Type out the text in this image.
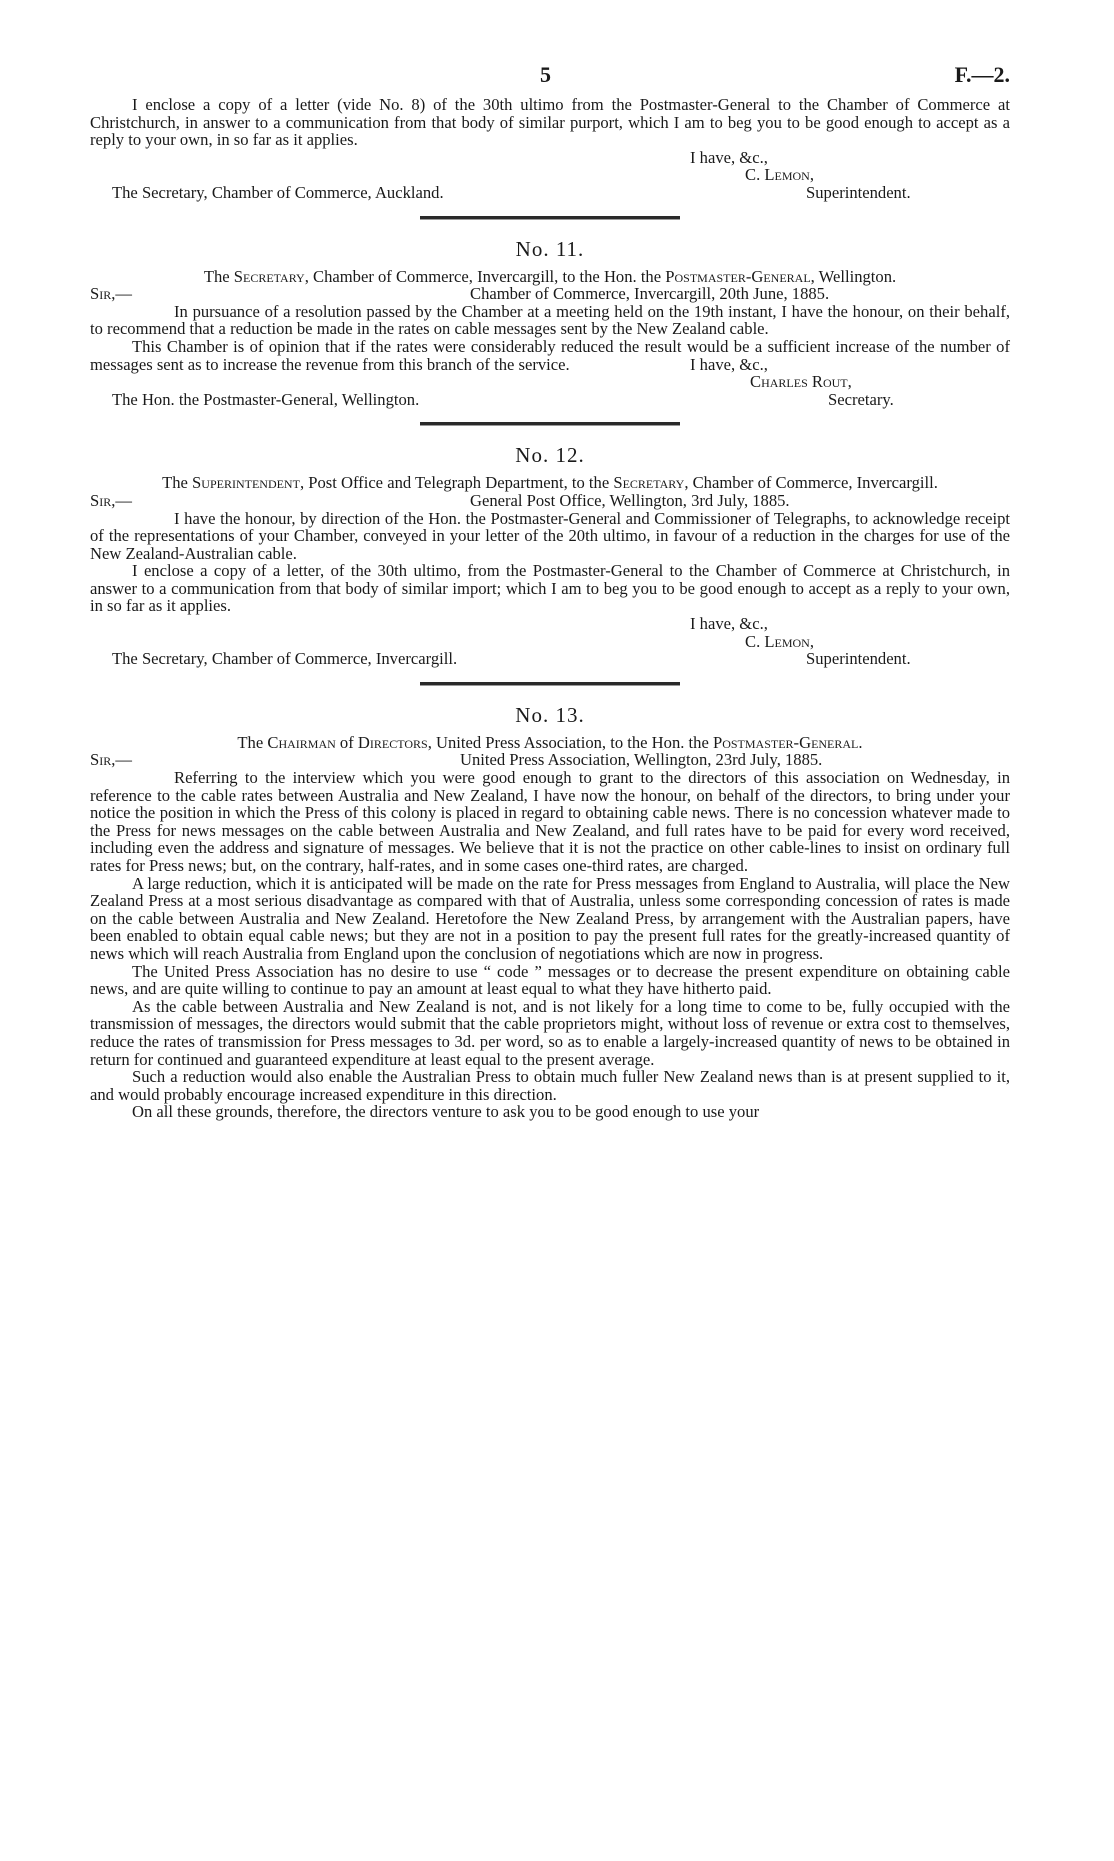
5	F.—2.

I enclose a copy of a letter (vide No. 8) of the 30th ultimo from the Postmaster-General to the Chamber of Commerce at Christchurch, in answer to a communication from that body of similar purport, which I am to beg you to be good enough to accept as a reply to your own, in so far as it applies.

I have, &c.,
C. Lemon,
The Secretary, Chamber of Commerce, Auckland.	Superintendent.
No. 11.
The Secretary, Chamber of Commerce, Invercargill, to the Hon. the Postmaster-General, Wellington.
Sir,—	Chamber of Commerce, Invercargill, 20th June, 1885.

In pursuance of a resolution passed by the Chamber at a meeting held on the 19th instant, I have the honour, on their behalf, to recommend that a reduction be made in the rates on cable messages sent by the New Zealand cable.

This Chamber is of opinion that if the rates were considerably reduced the result would be a sufficient increase of the number of messages sent as to increase the revenue from this branch of the service.	I have, &c.,
Charles Rout,
The Hon. the Postmaster-General, Wellington.	Secretary.
No. 12.
The Superintendent, Post Office and Telegraph Department, to the Secretary, Chamber of Commerce, Invercargill.
Sir,—	General Post Office, Wellington, 3rd July, 1885.

I have the honour, by direction of the Hon. the Postmaster-General and Commissioner of Telegraphs, to acknowledge receipt of the representations of your Chamber, conveyed in your letter of the 20th ultimo, in favour of a reduction in the charges for use of the New Zealand-Australian cable.

I enclose a copy of a letter, of the 30th ultimo, from the Postmaster-General to the Chamber of Commerce at Christchurch, in answer to a communication from that body of similar import; which I am to beg you to be good enough to accept as a reply to your own, in so far as it applies.

I have, &c.,
C. Lemon,
The Secretary, Chamber of Commerce, Invercargill.	Superintendent.
No. 13.
The Chairman of Directors, United Press Association, to the Hon. the Postmaster-General.
Sir,—	United Press Association, Wellington, 23rd July, 1885.

Referring to the interview which you were good enough to grant to the directors of this association on Wednesday, in reference to the cable rates between Australia and New Zealand, I have now the honour, on behalf of the directors, to bring under your notice the position in which the Press of this colony is placed in regard to obtaining cable news. There is no concession whatever made to the Press for news messages on the cable between Australia and New Zealand, and full rates have to be paid for every word received, including even the address and signature of messages. We believe that it is not the practice on other cable-lines to insist on ordinary full rates for Press news; but, on the contrary, half-rates, and in some cases one-third rates, are charged.

A large reduction, which it is anticipated will be made on the rate for Press messages from England to Australia, will place the New Zealand Press at a most serious disadvantage as compared with that of Australia, unless some corresponding concession of rates is made on the cable between Australia and New Zealand. Heretofore the New Zealand Press, by arrangement with the Australian papers, have been enabled to obtain equal cable news; but they are not in a position to pay the present full rates for the greatly-increased quantity of news which will reach Australia from England upon the conclusion of negotiations which are now in progress.

The United Press Association has no desire to use “ code ” messages or to decrease the present expenditure on obtaining cable news, and are quite willing to continue to pay an amount at least equal to what they have hitherto paid.

As the cable between Australia and New Zealand is not, and is not likely for a long time to come to be, fully occupied with the transmission of messages, the directors would submit that the cable proprietors might, without loss of revenue or extra cost to themselves, reduce the rates of transmission for Press messages to 3d. per word, so as to enable a largely-increased quantity of news to be obtained in return for continued and guaranteed expenditure at least equal to the present average.

Such a reduction would also enable the Australian Press to obtain much fuller New Zealand news than is at present supplied to it, and would probably encourage increased expenditure in this direction.

On all these grounds, therefore, the directors venture to ask you to be good enough to use your
